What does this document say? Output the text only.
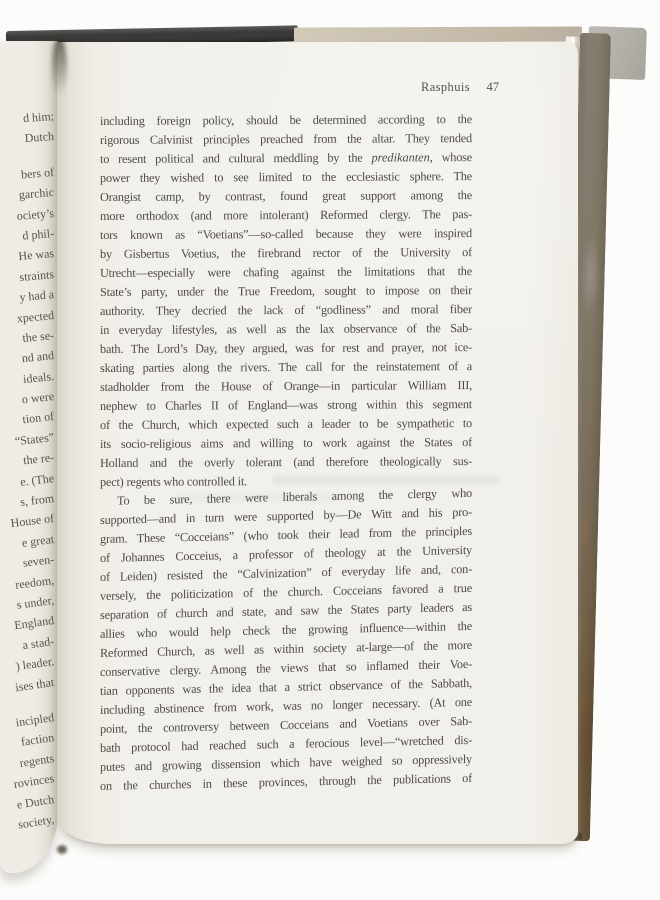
d him;
Dutch
bers of
garchic
ociety’s
d phil-
He was
straints
y had a
xpected
the se-
nd and
ideals.
o were
tion of
“States”
the re-
e. (The
s, from
House of
e great
seven-
reedom,
s under,
England
a stad-
) leader.
ises that
incipled
faction
regents
rovinces
e Dutch
society,
Rasphuis 47
including foreign policy, should be determined according to the
rigorous Calvinist principles preached from the altar. They tended
to resent political and cultural meddling by the predikanten, whose
power they wished to see limited to the ecclesiastic sphere. The
Orangist camp, by contrast, found great support among the
more orthodox (and more intolerant) Reformed clergy. The pas-
tors known as “Voetians”—so-called because they were inspired
by Gisbertus Voetius, the firebrand rector of the University of
Utrecht—especially were chafing against the limitations that the
State’s party, under the True Freedom, sought to impose on their
authority. They decried the lack of “godliness” and moral fiber
in everyday lifestyles, as well as the lax observance of the Sab-
bath. The Lord’s Day, they argued, was for rest and prayer, not ice-
skating parties along the rivers. The call for the reinstatement of a
stadholder from the House of Orange—in particular William III,
nephew to Charles II of England—was strong within this segment
of the Church, which expected such a leader to be sympathetic to
its socio-religious aims and willing to work against the States of
Holland and the overly tolerant (and therefore theologically sus-
pect) regents who controlled it.
To be sure, there were liberals among the clergy who
supported—and in turn were supported by—De Witt and his pro-
gram. These “Cocceians” (who took their lead from the principles
of Johannes Cocceius, a professor of theology at the University
of Leiden) resisted the “Calvinization” of everyday life and, con-
versely, the politicization of the church. Cocceians favored a true
separation of church and state, and saw the States party leaders as
allies who would help check the growing influence—within the
Reformed Church, as well as within society at-large—of the more
conservative clergy. Among the views that so inflamed their Voe-
tian opponents was the idea that a strict observance of the Sabbath,
including abstinence from work, was no longer necessary. (At one
point, the controversy between Cocceians and Voetians over Sab-
bath protocol had reached such a ferocious level—“wretched dis-
putes and growing dissension which have weighed so oppressively
on the churches in these provinces, through the publications of
